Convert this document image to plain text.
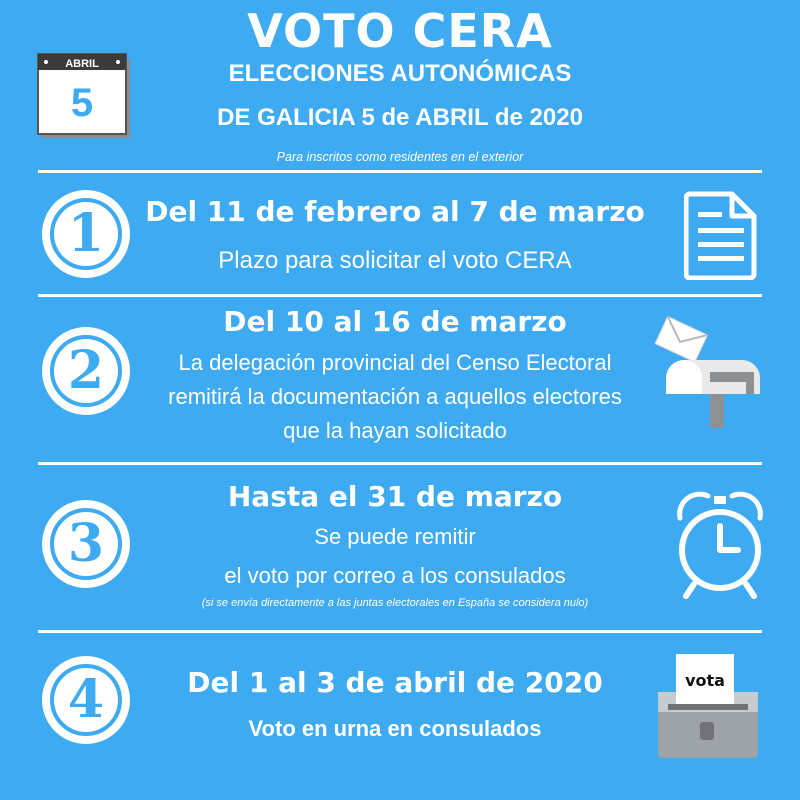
VOTO CERA
ABRIL
5
ELECCIONES AUTONÓMICAS
DE GALICIA 5 de ABRIL de 2020
Para inscritos como residentes en el exterior
1	Del 11 de febrero al 7 de marzo
Plazo para solicitar el voto CERA
2
Del 10 al 16 de marzo
La delegación provincial del Censo Electoral
remitirá la documentación a aquellos electores
que la hayan solicitado
3
Hasta el 31 de marzo
Se puede remitir
el voto por correo a los consulados
(si se envía directamente a las juntas electorales en España se considera nulo)
4	Del 1 al 3 de abril de 2020
Voto en urna en consulados
vota
